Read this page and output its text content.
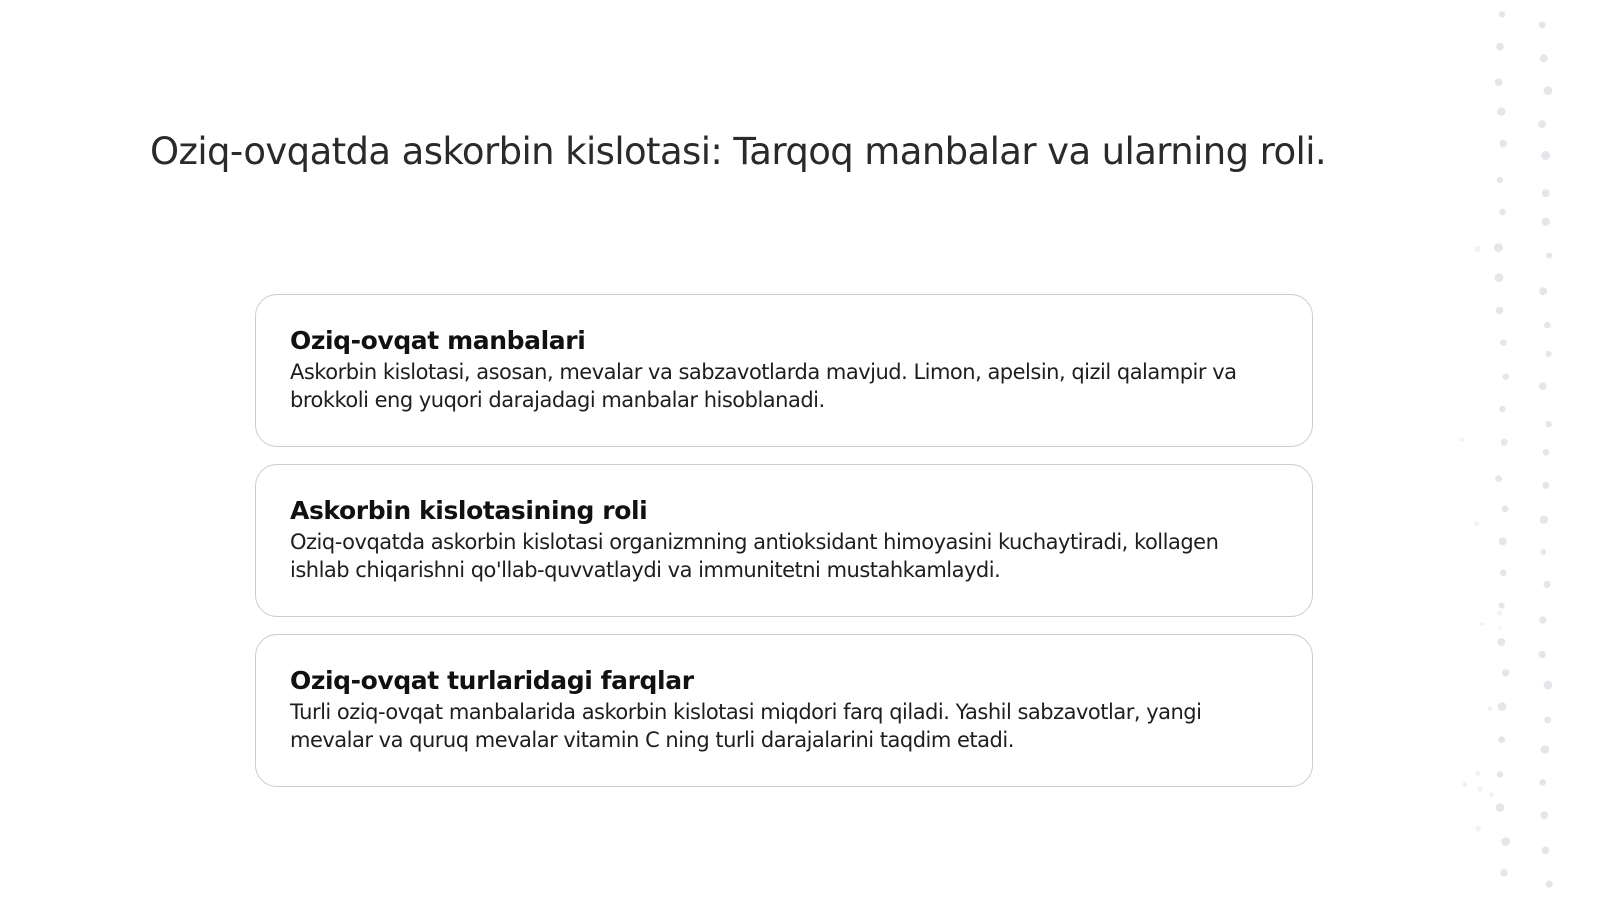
Oziq-ovqatda askorbin kislotasi: Tarqoq manbalar va ularning roli.
Oziq-ovqat manbalari

Askorbin kislotasi, asosan, mevalar va sabzavotlarda mavjud. Limon, apelsin, qizil qalampir va brokkoli eng yuqori darajadagi manbalar hisoblanadi.

Askorbin kislotasining roli

Oziq-ovqatda askorbin kislotasi organizmning antioksidant himoyasini kuchaytiradi, kollagen ishlab chiqarishni qo'llab-quvvatlaydi va immunitetni mustahkamlaydi.

Oziq-ovqat turlaridagi farqlar

Turli oziq-ovqat manbalarida askorbin kislotasi miqdori farq qiladi. Yashil sabzavotlar, yangi mevalar va quruq mevalar vitamin C ning turli darajalarini taqdim etadi.
